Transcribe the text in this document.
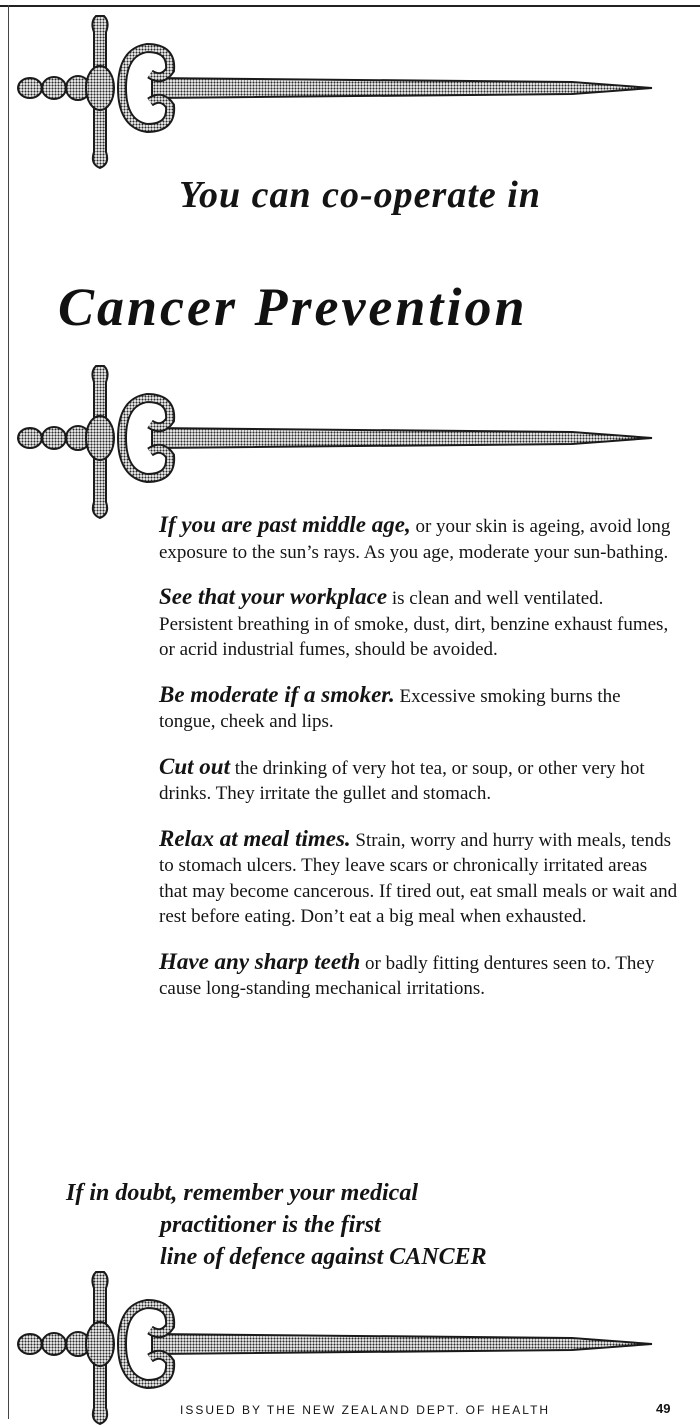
You can co-operate in
Cancer Prevention

If you are past middle age, or your skin is ageing, avoid long exposure to the sun’s rays. As you age, moderate your sun-bathing.

See that your workplace is clean and well ventilated. Persistent breathing in of smoke, dust, dirt, benzine exhaust fumes, or acrid industrial fumes, should be avoided.

Be moderate if a smoker. Excessive smoking burns the tongue, cheek and lips.

Cut out the drinking of very hot tea, or soup, or other very hot drinks. They irritate the gullet and stomach.

Relax at meal times. Strain, worry and hurry with meals, tends to stomach ulcers. They leave scars or chronically irritated areas that may become cancerous. If tired out, eat small meals or wait and rest before eating. Don’t eat a big meal when exhausted.

Have any sharp teeth or badly fitting dentures seen to. They cause long-standing mechanical irritations.

If in doubt, remember your medical
practitioner is the first
line of defence against CANCER
ISSUED BY THE NEW ZEALAND DEPT. OF HEALTH	49
